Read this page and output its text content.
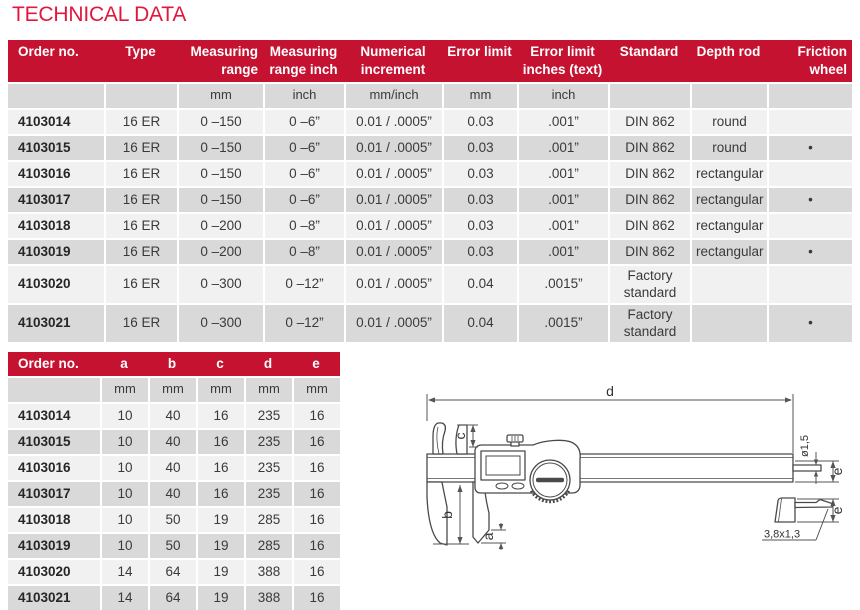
TECHNICAL DATA
Order no.	Type	Measuring range	Measuring range inch	Numerical increment	Error limit	Error limit inches (text)	Standard	Depth rod	Friction wheel
		mm	inch	mm/inch	mm	inch			
4103014	16 ER	0 –150	0 –6”	0.01 / .0005”	0.03	.001”	DIN 862	round	
4103015	16 ER	0 –150	0 –6”	0.01 / .0005”	0.03	.001”	DIN 862	round	•
4103016	16 ER	0 –150	0 –6”	0.01 / .0005”	0.03	.001”	DIN 862	rectangular	
4103017	16 ER	0 –150	0 –6”	0.01 / .0005”	0.03	.001”	DIN 862	rectangular	•
4103018	16 ER	0 –200	0 –8”	0.01 / .0005”	0.03	.001”	DIN 862	rectangular	
4103019	16 ER	0 –200	0 –8”	0.01 / .0005”	0.03	.001”	DIN 862	rectangular	•
4103020	16 ER	0 –300	0 –12”	0.01 / .0005”	0.04	.0015”	Factory standard		
4103021	16 ER	0 –300	0 –12”	0.01 / .0005”	0.04	.0015”	Factory standard		•
Order no.	a	b	c	d	e
	mm	mm	mm	mm	mm
4103014	10	40	16	235	16
4103015	10	40	16	235	16
4103016	10	40	16	235	16
4103017	10	40	16	235	16
4103018	10	50	19	285	16
4103019	10	50	19	285	16
4103020	14	64	19	388	16
4103021	14	64	19	388	16
d
c
b
a
e
ø1,5
e
3,8x1,3
